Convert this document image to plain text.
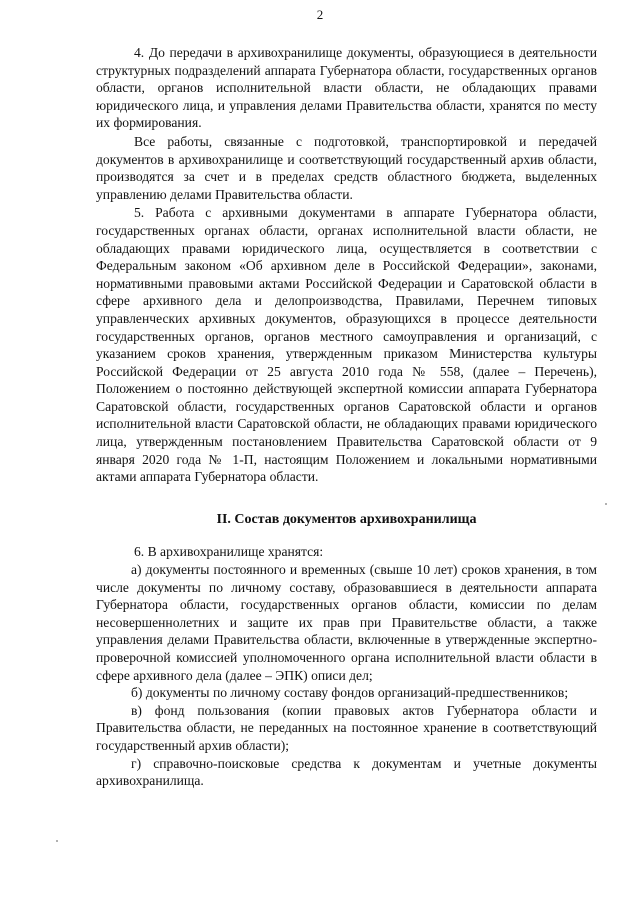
2

4. До передачи в архивохранилище документы, образующиеся в деятельности структурных подразделений аппарата Губернатора области, государственных органов области, органов исполнительной власти области, не обладающих правами юридического лица, и управления делами Правительства области, хранятся по месту их формирования.

Все работы, связанные с подготовкой, транспортировкой и передачей документов в архивохранилище и соответствующий государственный архив области, производятся за счет и в пределах средств областного бюджета, выделенных управлению делами Правительства области.

5. Работа с архивными документами в аппарате Губернатора области, государственных органах области, органах исполнительной власти области, не обладающих правами юридического лица, осуществляется в соответствии с Федеральным законом «Об архивном деле в Российской Федерации», законами, нормативными правовыми актами Российской Федерации и Саратовской области в сфере архивного дела и делопроизводства, Правилами, Перечнем типовых управленческих архивных документов, образующихся в процессе деятельности государственных органов, органов местного самоуправления и организаций, с указанием сроков хранения, утвержденным приказом Министерства культуры Российской Федерации от 25 августа 2010 года № 558, (далее – Перечень), Положением о постоянно действующей экспертной комиссии аппарата Губернатора Саратовской области, государственных органов Саратовской области и органов исполнительной власти Саратовской области, не обладающих правами юридического лица, утвержденным постановлением Правительства Саратовской области от 9 января 2020 года № 1-П, настоящим Положением и локальными нормативными актами аппарата Губернатора области.

II. Состав документов архивохранилища

6. В архивохранилище хранятся:

а) документы постоянного и временных (свыше 10 лет) сроков хранения, в том числе документы по личному составу, образовавшиеся в деятельности аппарата Губернатора области, государственных органов области, комиссии по делам несовершеннолетних и защите их прав при Правительстве области, а также управления делами Правительства области, включенные в утвержденные экспертно-проверочной комиссией уполномоченного органа исполнительной власти области в сфере архивного дела (далее – ЭПК) описи дел;

б) документы по личному составу фондов организаций-предшественников;

в) фонд пользования (копии правовых актов Губернатора области и Правительства области, не переданных на постоянное хранение в соответствующий государственный архив области);

г) справочно-поисковые средства к документам и учетные документы архивохранилища.
